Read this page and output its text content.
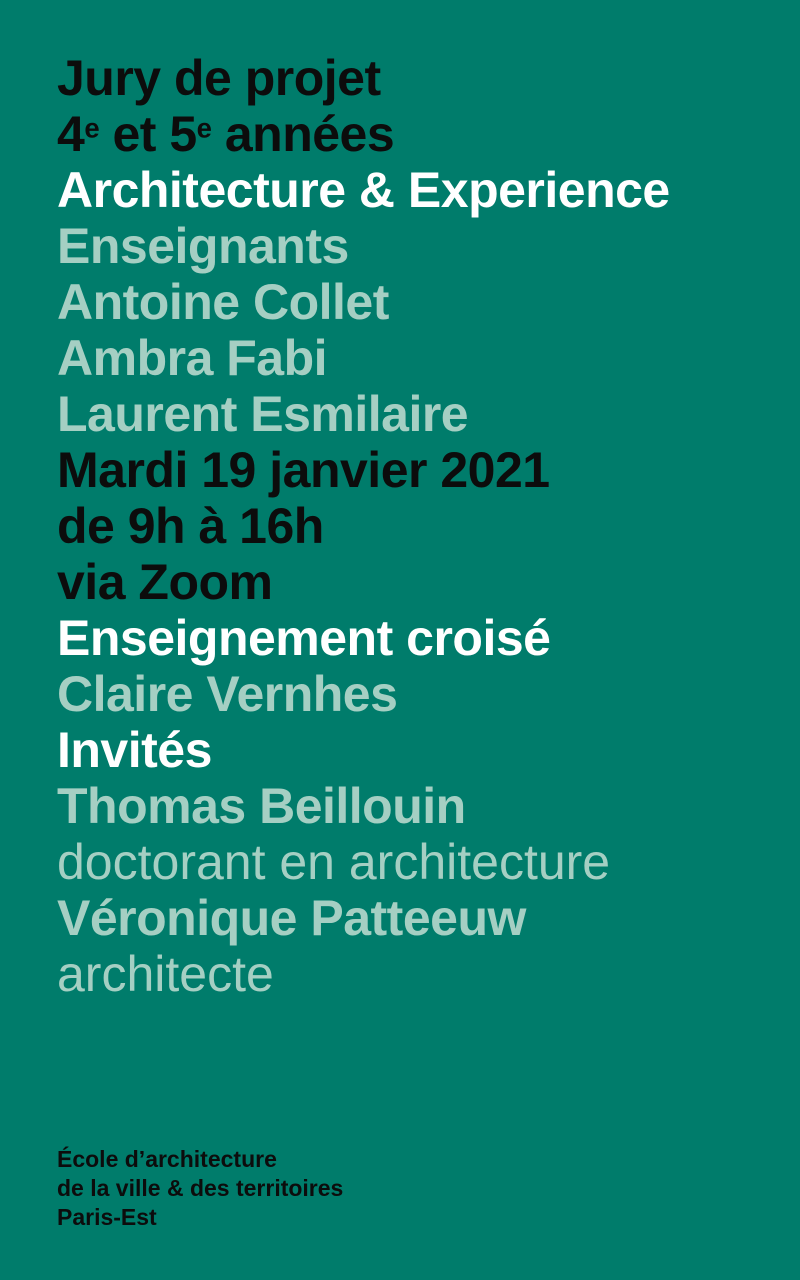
Jury de projet
4e et 5e années
Architecture & Experience
Enseignants
Antoine Collet
Ambra Fabi
Laurent Esmilaire
Mardi 19 janvier 2021
de 9h à 16h
via Zoom
Enseignement croisé
Claire Vernhes
Invités
Thomas Beillouin
doctorant en architecture
Véronique Patteeuw
architecte
École d’architecture
de la ville & des territoires
Paris-Est
